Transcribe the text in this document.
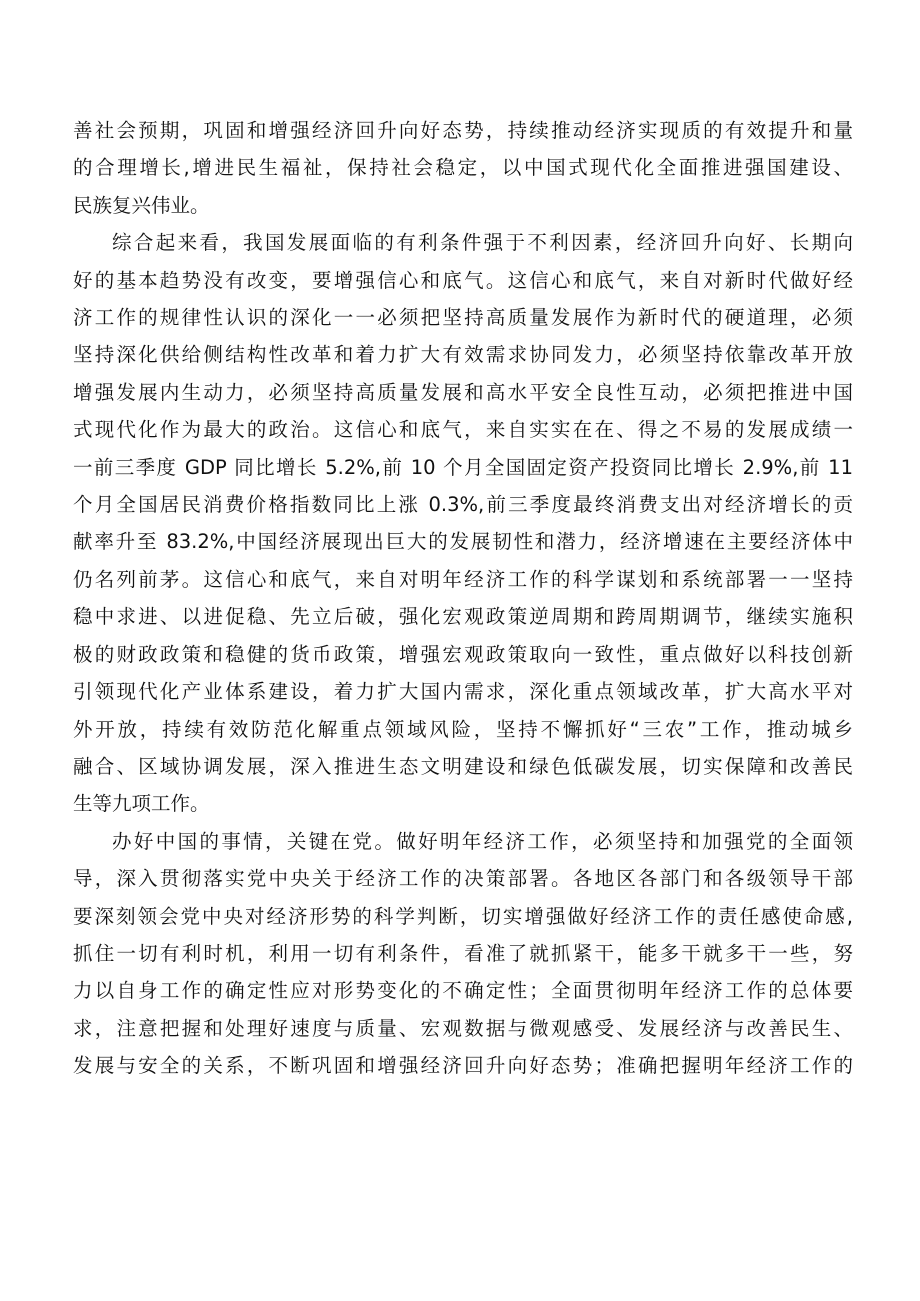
善社会预期，巩固和增强经济回升向好态势，持续推动经济实现质的有效提升和量
的合理增长,增进民生福祉，保持社会稳定，以中国式现代化全面推进强国建设、
民族复兴伟业。
综合起来看，我国发展面临的有利条件强于不利因素，经济回升向好、长期向
好的基本趋势没有改变，要增强信心和底气。这信心和底气，来自对新时代做好经
济工作的规律性认识的深化一一必须把坚持高质量发展作为新时代的硬道理，必须
坚持深化供给侧结构性改革和着力扩大有效需求协同发力，必须坚持依靠改革开放
增强发展内生动力，必须坚持高质量发展和高水平安全良性互动，必须把推进中国
式现代化作为最大的政治。这信心和底气，来自实实在在、得之不易的发展成绩一
一前三季度 GDP 同比增长 5.2%,前 10 个月全国固定资产投资同比增长 2.9%,前 11
个月全国居民消费价格指数同比上涨 0.3%,前三季度最终消费支出对经济增长的贡
献率升至 83.2%,中国经济展现出巨大的发展韧性和潜力，经济增速在主要经济体中
仍名列前茅。这信心和底气，来自对明年经济工作的科学谋划和系统部署一一坚持
稳中求进、以进促稳、先立后破，强化宏观政策逆周期和跨周期调节，继续实施积
极的财政政策和稳健的货币政策，增强宏观政策取向一致性，重点做好以科技创新
引领现代化产业体系建设，着力扩大国内需求，深化重点领域改革，扩大高水平对
外开放，持续有效防范化解重点领域风险，坚持不懈抓好“三农”工作，推动城乡
融合、区域协调发展，深入推进生态文明建设和绿色低碳发展，切实保障和改善民
生等九项工作。
办好中国的事情，关键在党。做好明年经济工作，必须坚持和加强党的全面领
导，深入贯彻落实党中央关于经济工作的决策部署。各地区各部门和各级领导干部
要深刻领会党中央对经济形势的科学判断，切实增强做好经济工作的责任感使命感,
抓住一切有利时机，利用一切有利条件，看准了就抓紧干，能多干就多干一些，努
力以自身工作的确定性应对形势变化的不确定性；全面贯彻明年经济工作的总体要
求，注意把握和处理好速度与质量、宏观数据与微观感受、发展经济与改善民生、
发展与安全的关系，不断巩固和增强经济回升向好态势；准确把握明年经济工作的
